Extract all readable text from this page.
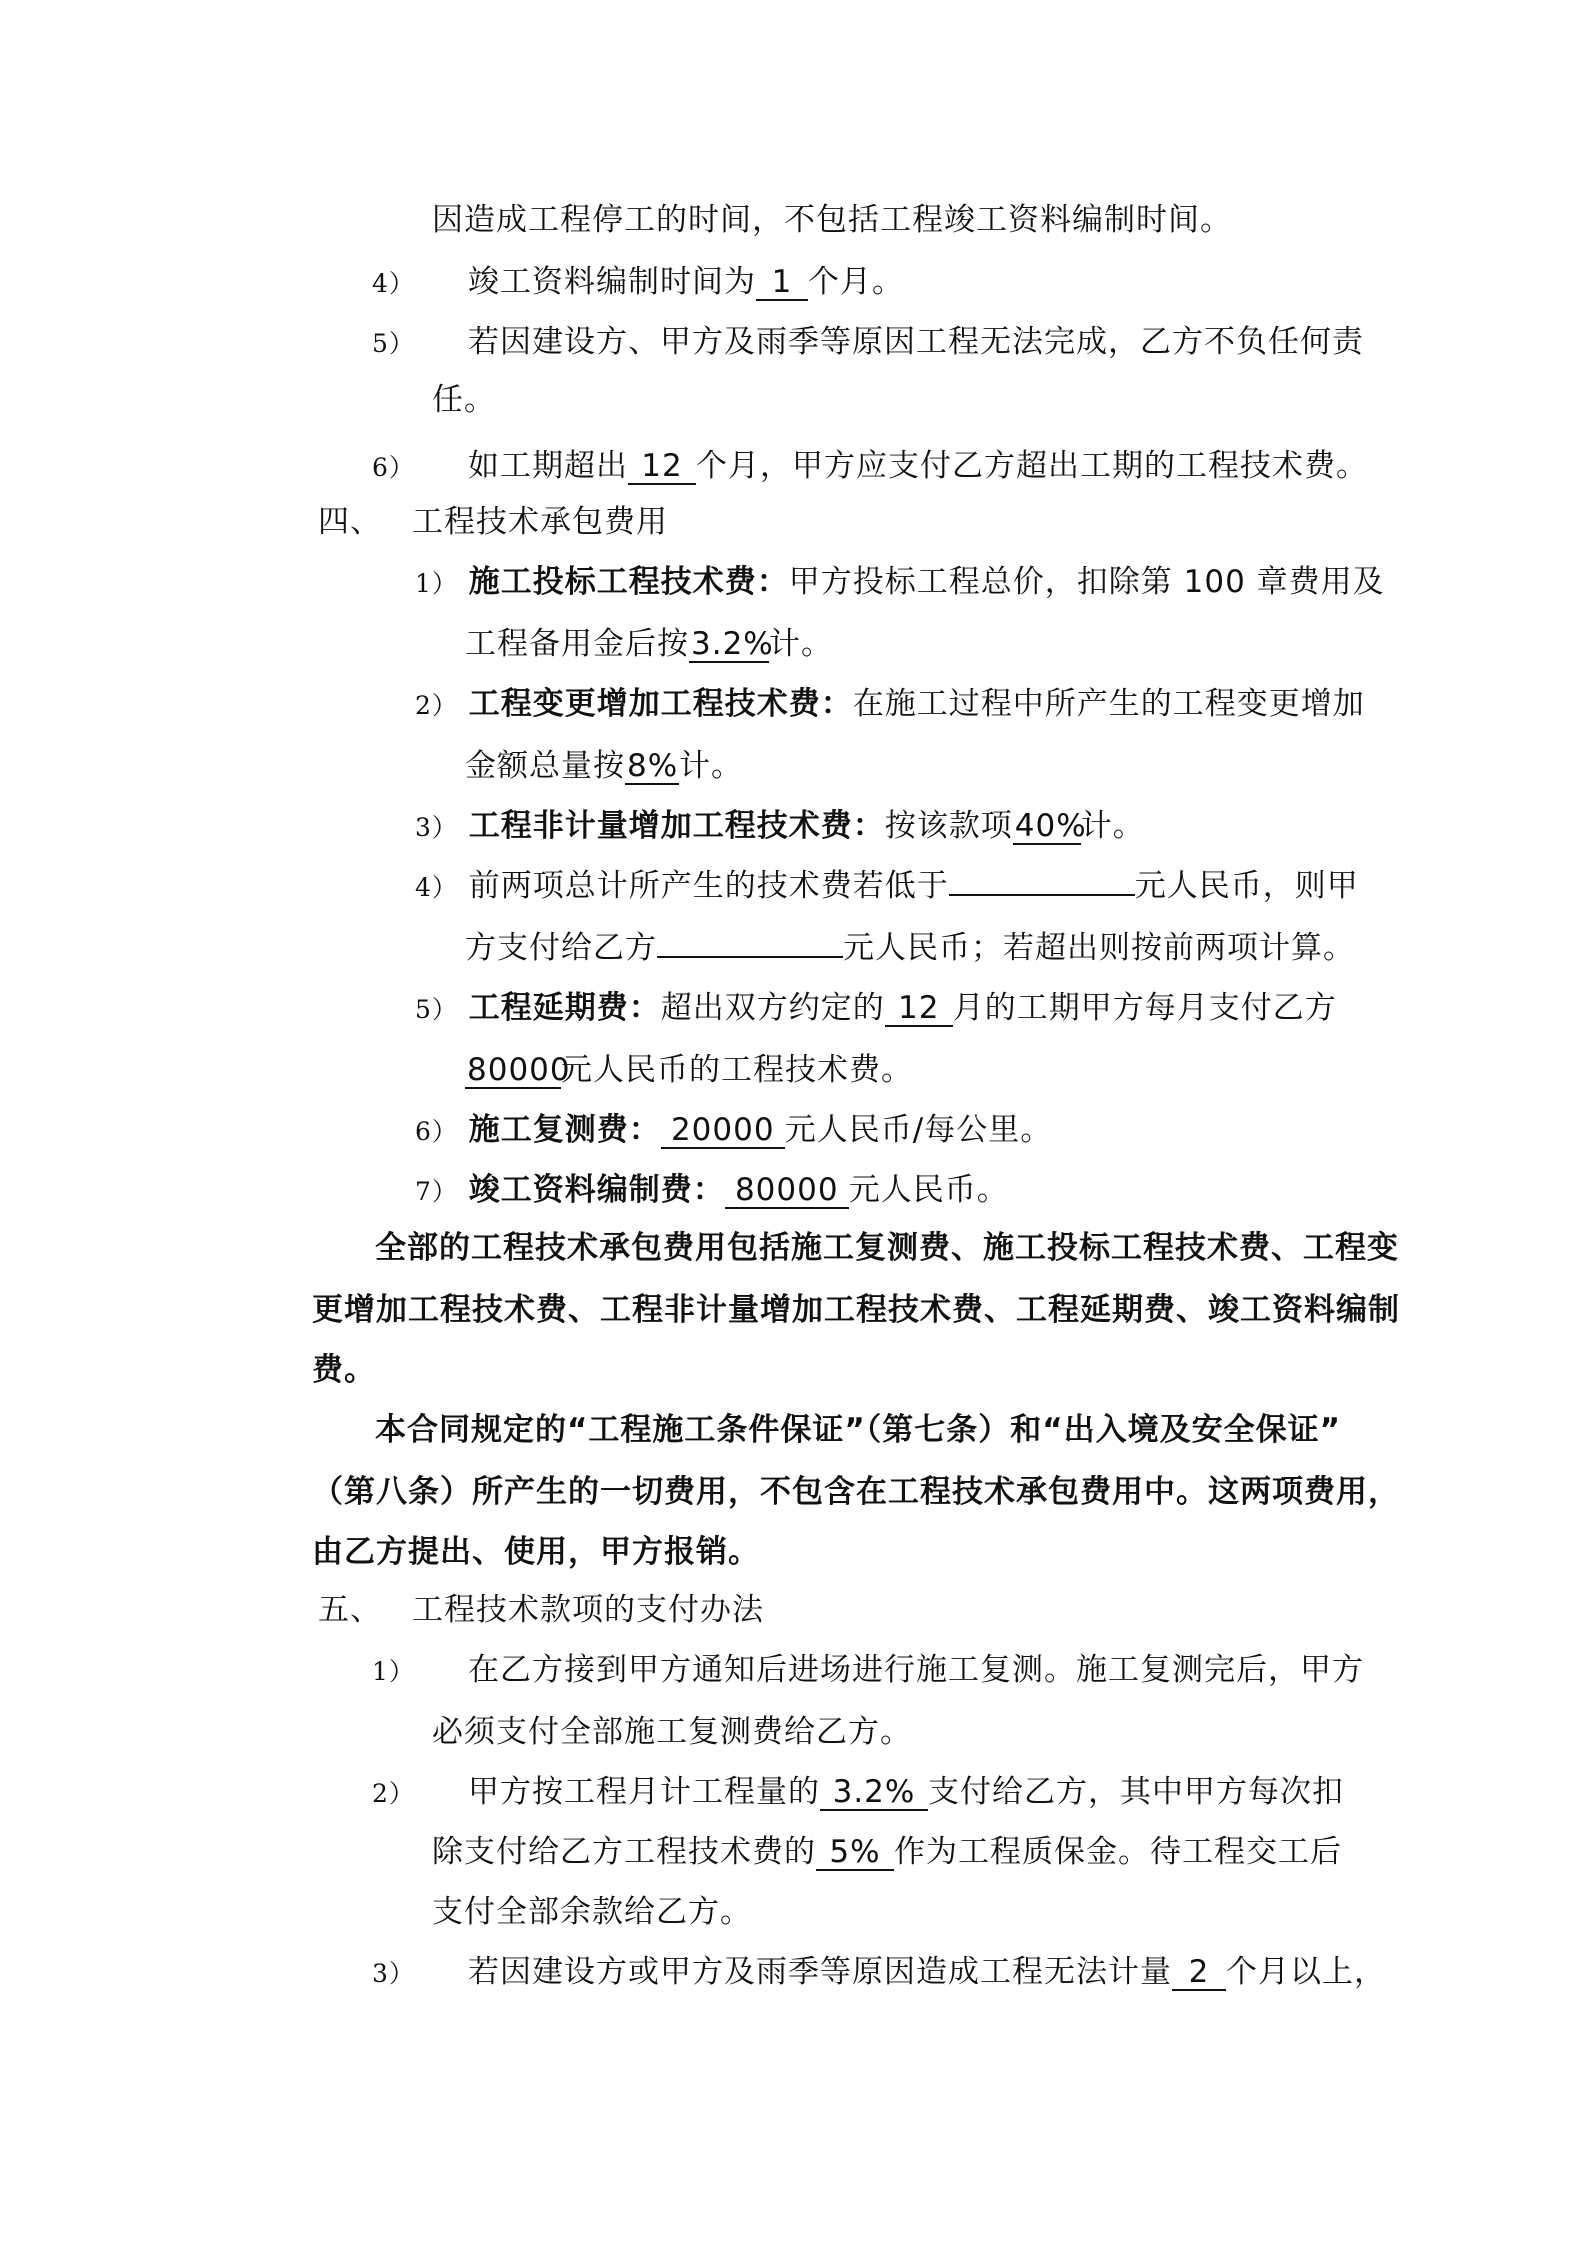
因造成工程停工的时间，不包括工程竣工资料编制时间。
4） 竣工资料编制时间为 1 个月。
5） 若因建设方、甲方及雨季等原因工程无法完成，乙方不负任何责
任。
6） 如工期超出 12 个月，甲方应支付乙方超出工期的工程技术费。
四、 工程技术承包费用
1） 施工投标工程技术费：甲方投标工程总价，扣除第 100 章费用及
工程备用金后按3.2%计。
2） 工程变更增加工程技术费：在施工过程中所产生的工程变更增加
金额总量按8%计。
3） 工程非计量增加工程技术费：按该款项40%计。
4） 前两项总计所产生的技术费若低于	元人民币，则甲
方支付给乙方	元人民币；若超出则按前两项计算。
5） 工程延期费：超出双方约定的 12 月的工期甲方每月支付乙方
80000元人民币的工程技术费。
6） 施工复测费： 20000 元人民币/每公里。
7） 竣工资料编制费： 80000 元人民币。
全部的工程技术承包费用包括施工复测费、施工投标工程技术费、工程变
更增加工程技术费、工程非计量增加工程技术费、工程延期费、竣工资料编制
费。
本合同规定的“工程施工条件保证”（第七条）和“出入境及安全保证”
（第八条）所产生的一切费用，不包含在工程技术承包费用中。这两项费用，
由乙方提出、使用，甲方报销。
五、 工程技术款项的支付办法
1） 在乙方接到甲方通知后进场进行施工复测。施工复测完后，甲方
必须支付全部施工复测费给乙方。
2） 甲方按工程月计工程量的 3.2% 支付给乙方，其中甲方每次扣
除支付给乙方工程技术费的 5% 作为工程质保金。待工程交工后
支付全部余款给乙方。
3） 若因建设方或甲方及雨季等原因造成工程无法计量 2 个月以上，
